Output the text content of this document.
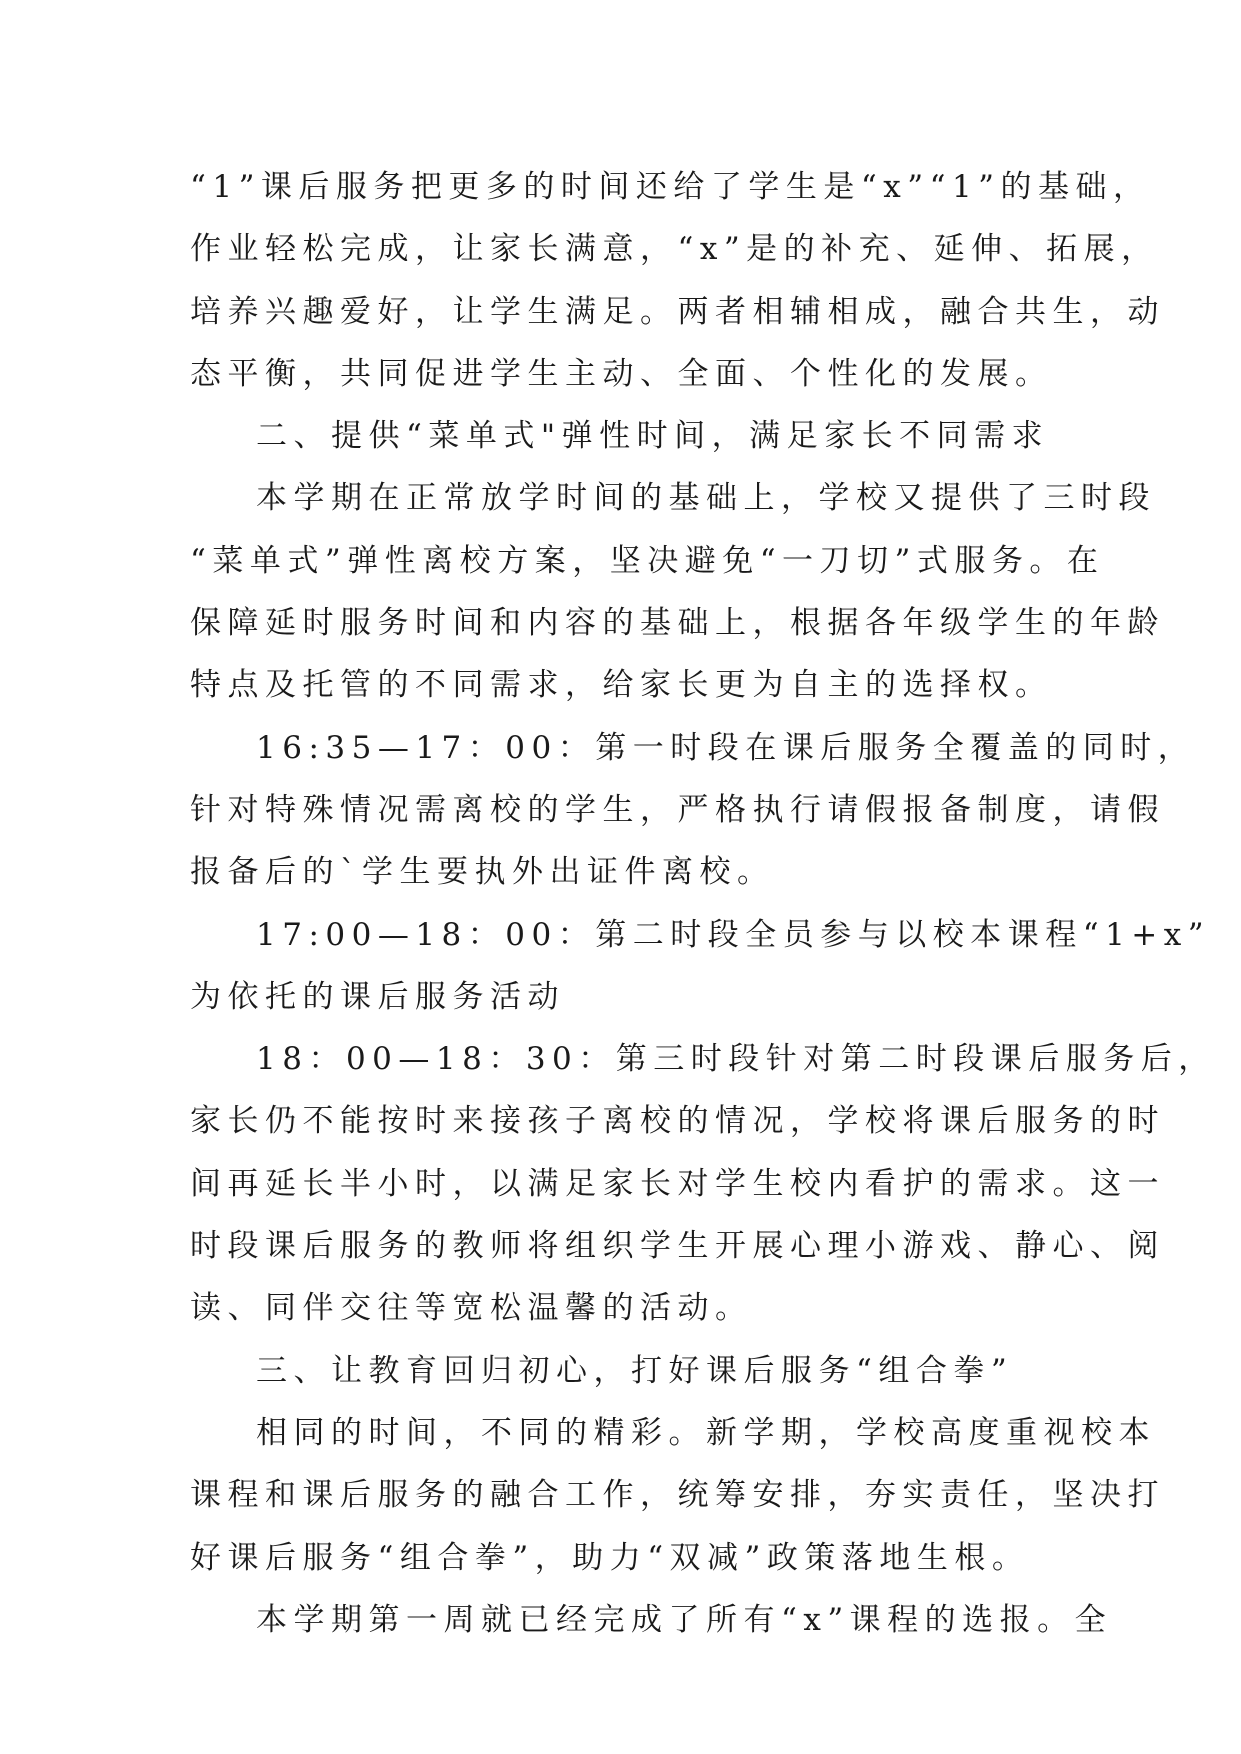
“1”课后服务把更多的时间还给了学生是“x”“1”的基础，
作业轻松完成，让家长满意，“x”是的补充、延伸、拓展，
培养兴趣爱好，让学生满足。两者相辅相成，融合共生，动
态平衡，共同促进学生主动、全面、个性化的发展。
二、提供“菜单式"弹性时间，满足家长不同需求
本学期在正常放学时间的基础上，学校又提供了三时段
“菜单式”弹性离校方案，坚决避免“一刀切”式服务。在
保障延时服务时间和内容的基础上，根据各年级学生的年龄
特点及托管的不同需求，给家长更为自主的选择权。
16:35—17：00：第一时段在课后服务全覆盖的同时，
针对特殊情况需离校的学生，严格执行请假报备制度，请假
报备后的`学生要执外出证件离校。
17:00—18：00：第二时段全员参与以校本课程“1+x”
为依托的课后服务活动
18：00—18：30：第三时段针对第二时段课后服务后，
家长仍不能按时来接孩子离校的情况，学校将课后服务的时
间再延长半小时，以满足家长对学生校内看护的需求。这一
时段课后服务的教师将组织学生开展心理小游戏、静心、阅
读、同伴交往等宽松温馨的活动。
三、让教育回归初心，打好课后服务“组合拳”
相同的时间，不同的精彩。新学期，学校高度重视校本
课程和课后服务的融合工作，统筹安排，夯实责任，坚决打
好课后服务“组合拳”，助力“双减”政策落地生根。
本学期第一周就已经完成了所有“x”课程的选报。全
